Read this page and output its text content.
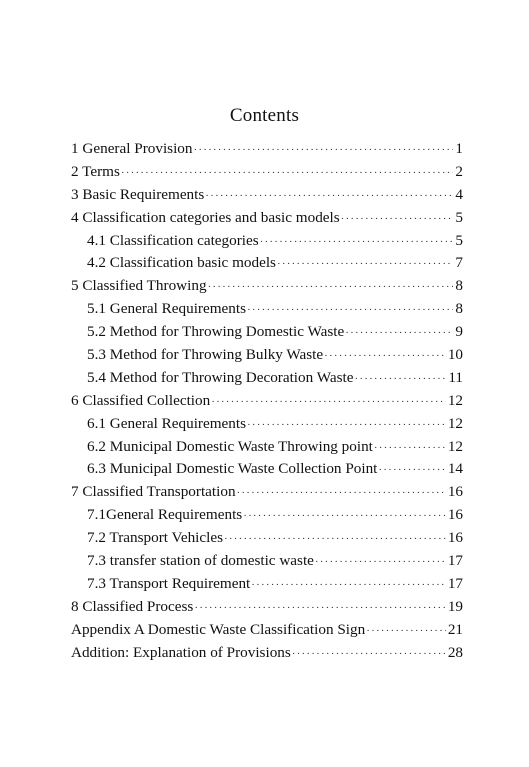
Contents
1 General Provision ·····	1
2 Terms ·····	2
3 Basic Requirements ·····	4
4 Classification categories and basic models ·····	5
4.1 Classification categories ·····	5
4.2 Classification basic models ·····	7
5 Classified Throwing ·····	8
5.1 General Requirements ·····	8
5.2 Method for Throwing Domestic Waste ·····	9
5.3 Method for Throwing Bulky Waste ·····	10
5.4 Method for Throwing Decoration Waste ·····	11
6 Classified Collection ·····	12
6.1 General Requirements ·····	12
6.2 Municipal Domestic Waste Throwing point ·····	12
6.3 Municipal Domestic Waste Collection Point ·····	14
7 Classified Transportation ·····	16
7.1General Requirements ·····	16
7.2 Transport Vehicles ·····	16
7.3 transfer station of domestic waste ·····	17
7.3 Transport Requirement ·····	17
8 Classified Process ·····	19
Appendix A Domestic Waste Classification Sign ·····	21
Addition: Explanation of Provisions ·····	28
